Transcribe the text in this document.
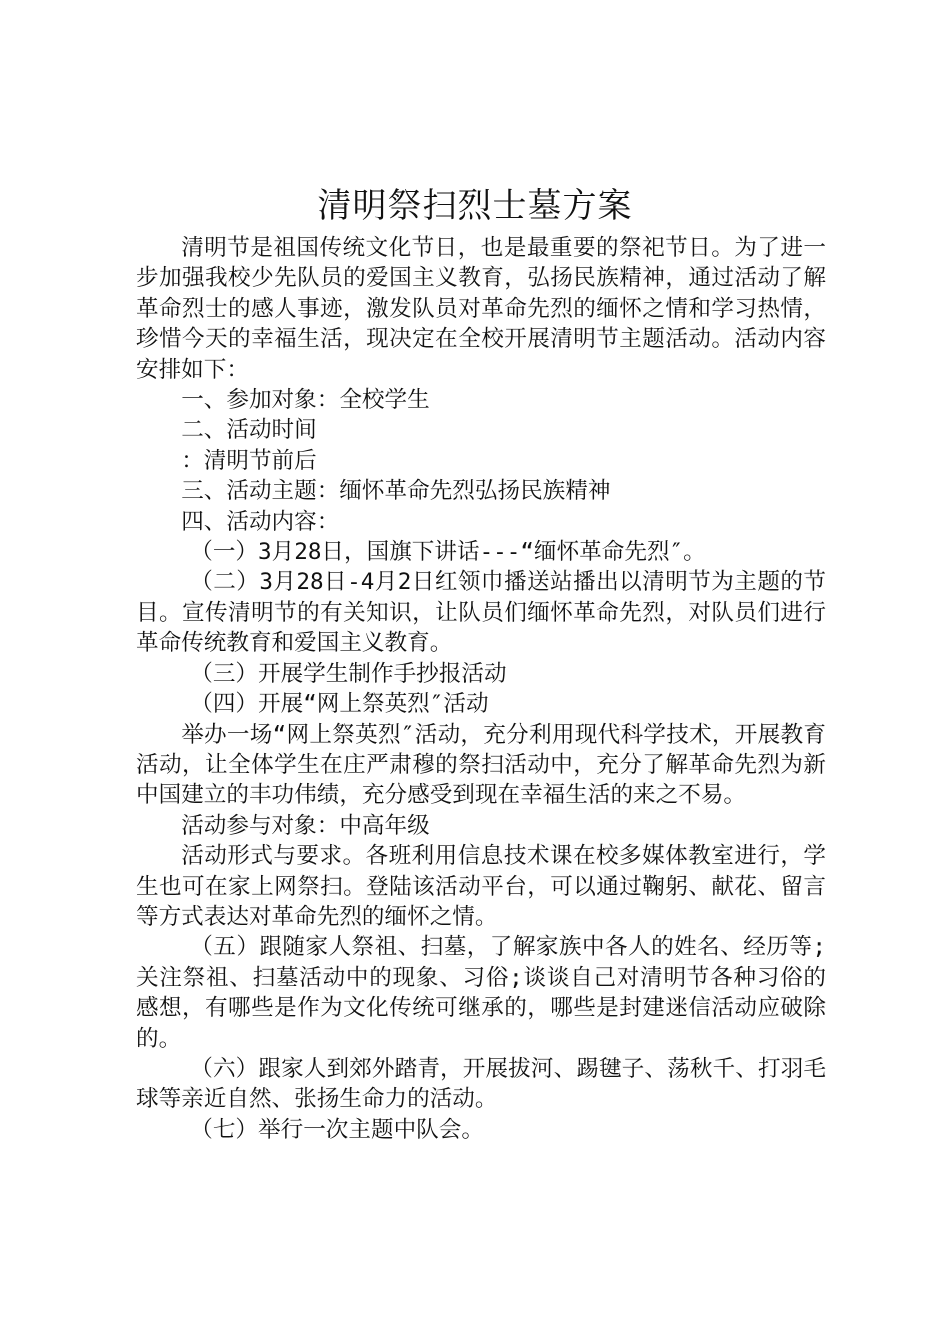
清明祭扫烈士墓方案

清明节是祖国传统文化节日，也是最重要的祭祀节日。为了进一步加强我校少先队员的爱国主义教育，弘扬民族精神，通过活动了解革命烈士的感人事迹，激发队员对革命先烈的缅怀之情和学习热情，珍惜今天的幸福生活，现决定在全校开展清明节主题活动。活动内容安排如下：

一、参加对象：全校学生

二、活动时间

：清明节前后

三、活动主题：缅怀革命先烈弘扬民族精神

四、活动内容：

（一）3月28日，国旗下讲话---“缅怀革命先烈″。

（二）3月28日-4月2日红领巾播送站播出以清明节为主题的节目。宣传清明节的有关知识，让队员们缅怀革命先烈，对队员们进行革命传统教育和爱国主义教育。

（三）开展学生制作手抄报活动

（四）开展“网上祭英烈″活动

举办一场“网上祭英烈″活动，充分利用现代科学技术，开展教育活动，让全体学生在庄严肃穆的祭扫活动中，充分了解革命先烈为新中国建立的丰功伟绩，充分感受到现在幸福生活的来之不易。

活动参与对象：中高年级

活动形式与要求。各班利用信息技术课在校多媒体教室进行，学生也可在家上网祭扫。登陆该活动平台，可以通过鞠躬、献花、留言等方式表达对革命先烈的缅怀之情。

（五）跟随家人祭祖、扫墓，了解家族中各人的姓名、经历等;关注祭祖、扫墓活动中的现象、习俗;谈谈自己对清明节各种习俗的感想，有哪些是作为文化传统可继承的，哪些是封建迷信活动应破除的。

（六）跟家人到郊外踏青，开展拔河、踢毽子、荡秋千、打羽毛球等亲近自然、张扬生命力的活动。

（七）举行一次主题中队会。
